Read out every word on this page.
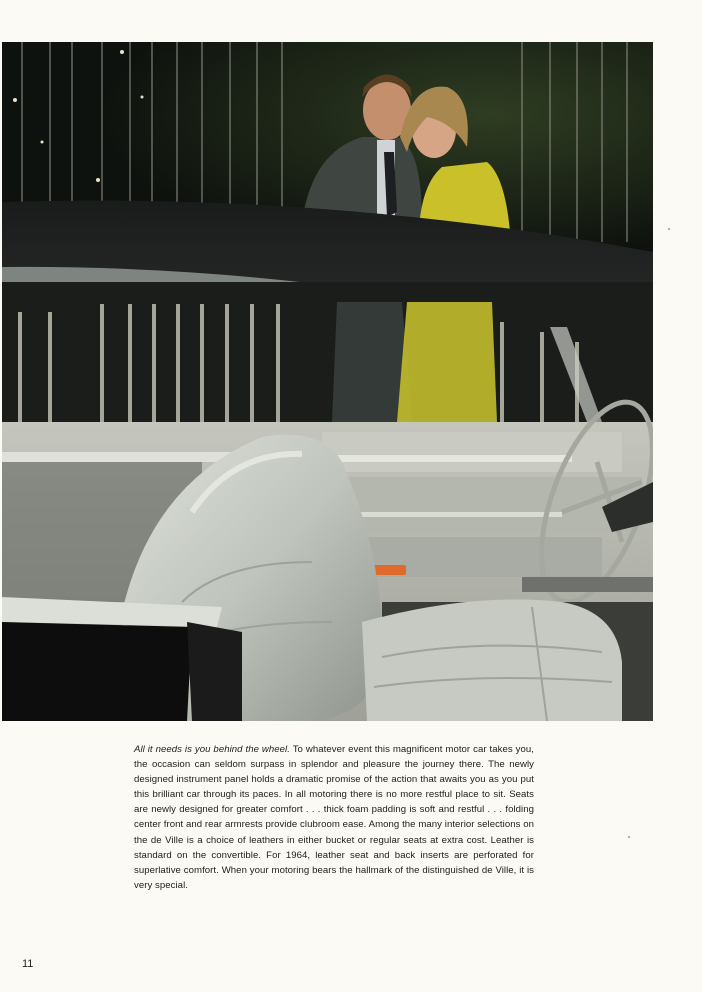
All it needs is you behind the wheel. To whatever event this magnificent motor car takes you, the occasion can seldom surpass in splendor and pleasure the journey there. The newly designed instrument panel holds a dramatic promise of the action that awaits you as you put this brilliant car through its paces. In all motoring there is no more restful place to sit. Seats are newly designed for greater comfort . . . thick foam padding is soft and restful . . . folding center front and rear armrests provide clubroom ease. Among the many interior selections on the de Ville is a choice of leathers in either bucket or regular seats at extra cost. Leather is standard on the convertible. For 1964, leather seat and back inserts are perforated for superlative comfort. When your motoring bears the hallmark of the distinguished de Ville, it is very special.
11
